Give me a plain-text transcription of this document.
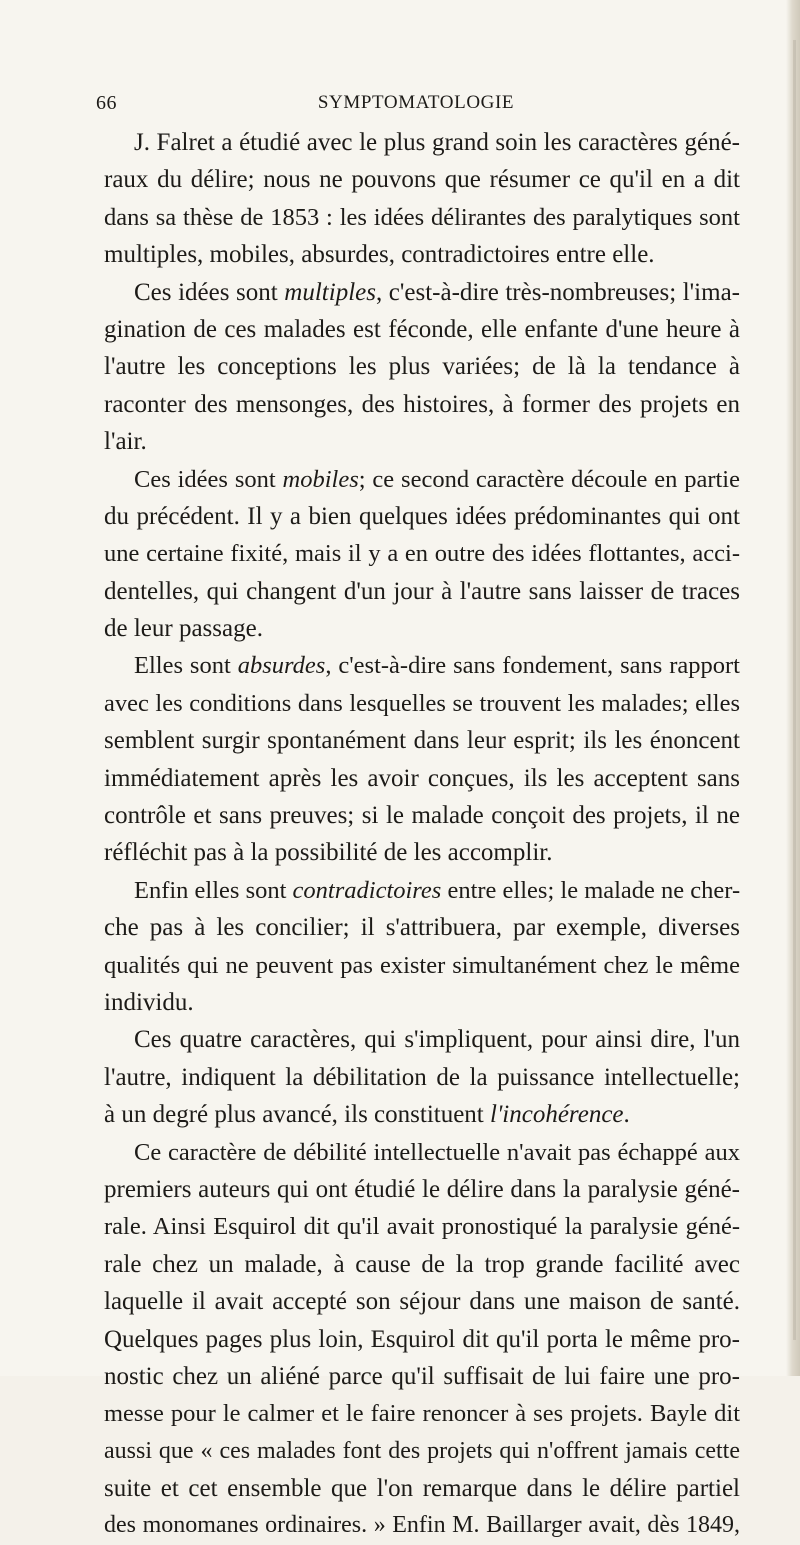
66	SYMPTOMATOLOGIE
J. Falret a étudié avec le plus grand soin les caractères géné-
raux du délire; nous ne pouvons que résumer ce qu'il en a dit
dans sa thèse de 1853 : les idées délirantes des paralytiques sont
multiples, mobiles, absurdes, contradictoires entre elle.
Ces idées sont multiples, c'est-à-dire très-nombreuses; l'ima-
gination de ces malades est féconde, elle enfante d'une heure à
l'autre les conceptions les plus variées; de là la tendance à
raconter des mensonges, des histoires, à former des projets en
l'air.
Ces idées sont mobiles; ce second caractère découle en partie
du précédent. Il y a bien quelques idées prédominantes qui ont
une certaine fixité, mais il y a en outre des idées flottantes, acci-
dentelles, qui changent d'un jour à l'autre sans laisser de traces
de leur passage.
Elles sont absurdes, c'est-à-dire sans fondement, sans rapport
avec les conditions dans lesquelles se trouvent les malades; elles
semblent surgir spontanément dans leur esprit; ils les énoncent
immédiatement après les avoir conçues, ils les acceptent sans
contrôle et sans preuves; si le malade conçoit des projets, il ne
réfléchit pas à la possibilité de les accomplir.
Enfin elles sont contradictoires entre elles; le malade ne cher-
che pas à les concilier; il s'attribuera, par exemple, diverses
qualités qui ne peuvent pas exister simultanément chez le même
individu.
Ces quatre caractères, qui s'impliquent, pour ainsi dire, l'un
l'autre, indiquent la débilitation de la puissance intellectuelle;
à un degré plus avancé, ils constituent l'incohérence.
Ce caractère de débilité intellectuelle n'avait pas échappé aux
premiers auteurs qui ont étudié le délire dans la paralysie géné-
rale. Ainsi Esquirol dit qu'il avait pronostiqué la paralysie géné-
rale chez un malade, à cause de la trop grande facilité avec
laquelle il avait accepté son séjour dans une maison de santé.
Quelques pages plus loin, Esquirol dit qu'il porta le même pro-
nostic chez un aliéné parce qu'il suffisait de lui faire une pro-
messe pour le calmer et le faire renoncer à ses projets. Bayle dit
aussi que « ces malades font des projets qui n'offrent jamais cette
suite et cet ensemble que l'on remarque dans le délire partiel
des monomanes ordinaires. » Enfin M. Baillarger avait, dès 1849,
